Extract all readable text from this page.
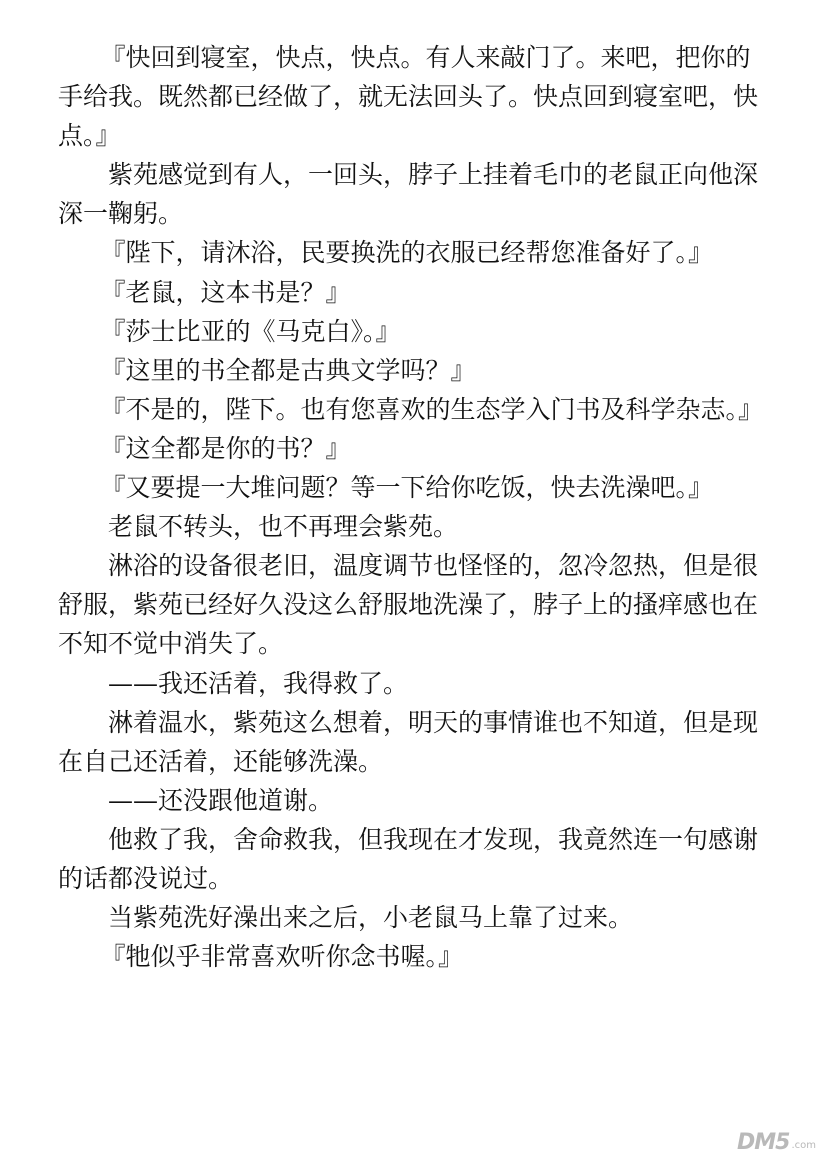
『快回到寝室，快点，快点。有人来敲门了。来吧，把你的手给我。既然都已经做了，就无法回头了。快点回到寝室吧，快点。』

紫苑感觉到有人，一回头，脖子上挂着毛巾的老鼠正向他深深一鞠躬。

『陛下，请沐浴，民要换洗的衣服已经帮您准备好了。』

『老鼠，这本书是？』

『莎士比亚的《马克白》。』

『这里的书全都是古典文学吗？』

『不是的，陛下。也有您喜欢的生态学入门书及科学杂志。』

『这全都是你的书？』

『又要提一大堆问题？等一下给你吃饭，快去洗澡吧。』

老鼠不转头，也不再理会紫苑。

淋浴的设备很老旧，温度调节也怪怪的，忽冷忽热，但是很舒服，紫苑已经好久没这么舒服地洗澡了，脖子上的搔痒感也在不知不觉中消失了。

——我还活着，我得救了。

淋着温水，紫苑这么想着，明天的事情谁也不知道，但是现在自己还活着，还能够洗澡。

——还没跟他道谢。

他救了我，舍命救我，但我现在才发现，我竟然连一句感谢的话都没说过。

当紫苑洗好澡出来之后，小老鼠马上靠了过来。

『牠似乎非常喜欢听你念书喔。』

DM5 .com
